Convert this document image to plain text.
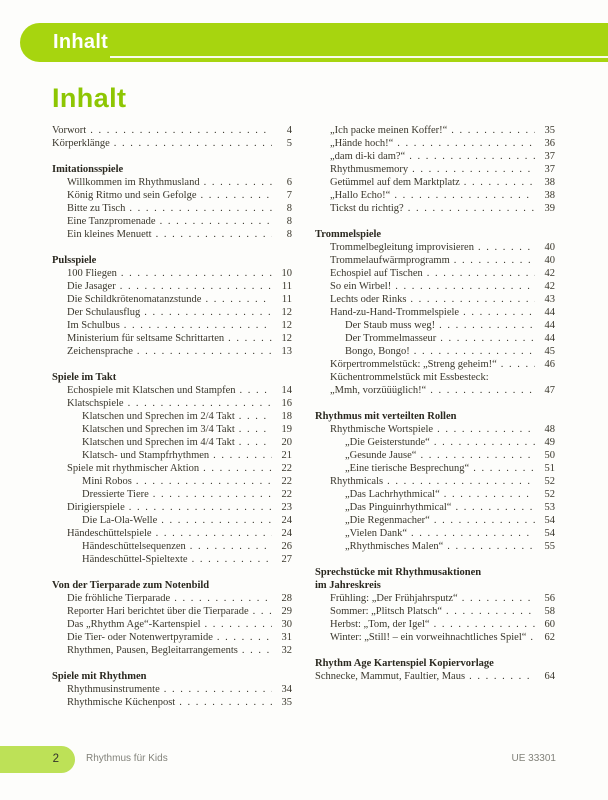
Inhalt
Inhalt
Vorwort . . .	4
Körperklänge . . .	5
Imitationsspiele
Willkommen im Rhythmusland . . .	6
König Ritmo und sein Gefolge . . .	7
Bitte zu Tisch . . .	8
Eine Tanzpromenade . . .	8
Ein kleines Menuett . . .	8
Pulsspiele
100 Fliegen . . .	10
Die Jasager . . .	11
Die Schildkrötenomatanzstunde . . .	11
Der Schulausflug . . .	12
Im Schulbus . . .	12
Ministerium für seltsame Schrittarten . . .	12
Zeichensprache . . .	13
Spiele im Takt
Echospiele mit Klatschen und Stampfen . . .	14
Klatschspiele . . .	16
Klatschen und Sprechen im 2/4 Takt . . .	18
Klatschen und Sprechen im 3/4 Takt . . .	19
Klatschen und Sprechen im 4/4 Takt . . .	20
Klatsch- und Stampfrhythmen . . .	21
Spiele mit rhythmischer Aktion . . .	22
Mini Robos . . .	22
Dressierte Tiere . . .	22
Dirigierspiele . . .	23
Die La-Ola-Welle . . .	24
Händeschüttelspiele . . .	24
Händeschüttelsequenzen . . .	26
Händeschüttel-Spieltexte . . .	27
Von der Tierparade zum Notenbild
Die fröhliche Tierparade . . .	28
Reporter Hari berichtet über die Tierparade . . .	29
Das „Rhythm Age“-Kartenspiel . . .	30
Die Tier- oder Notenwertpyramide . . .	31
Rhythmen, Pausen, Begleitarrangements . . .	32
Spiele mit Rhythmen
Rhythmusinstrumente . . .	34
Rhythmische Küchenpost . . .	35
„Ich packe meinen Koffer!“ . . .	35
„Hände hoch!“ . . .	36
„dam di-ki dam?“ . . .	37
Rhythmusmemory . . .	37
Getümmel auf dem Marktplatz . . .	38
„Hallo Echo!“ . . .	38
Tickst du richtig? . . .	39
Trommelspiele
Trommelbegleitung improvisieren . . .	40
Trommelaufwärmprogramm . . .	40
Echospiel auf Tischen . . .	42
So ein Wirbel! . . .	42
Lechts oder Rinks . . .	43
Hand-zu-Hand-Trommelspiele . . .	44
Der Staub muss weg! . . .	44
Der Trommelmasseur . . .	44
Bongo, Bongo! . . .	45
Körpertrommelstück: „Streng geheim!“ . . .	46
Küchentrommelstück mit Essbesteck:
„Mmh, vorzüüüglich!“ . . .	47
Rhythmus mit verteilten Rollen
Rhythmische Wortspiele . . .	48
„Die Geisterstunde“ . . .	49
„Gesunde Jause“ . . .	50
„Eine tierische Besprechung“ . . .	51
Rhythmicals . . .	52
„Das Lachrhythmical“ . . .	52
„Das Pinguinrhythmical“ . . .	53
„Die Regenmacher“ . . .	54
„Vielen Dank“ . . .	54
„Rhythmisches Malen“ . . .	55
Sprechstücke mit Rhythmusaktionen
im Jahreskreis
Frühling: „Der Frühjahrsputz“ . . .	56
Sommer: „Plitsch Platsch“ . . .	58
Herbst: „Tom, der Igel“ . . .	60
Winter: „Still! – ein vorweihnachtliches Spiel“ . . .	62
Rhythm Age Kartenspiel Kopiervorlage
Schnecke, Mammut, Faultier, Maus . . .	64
2	Rhythmus für Kids	UE 33301
